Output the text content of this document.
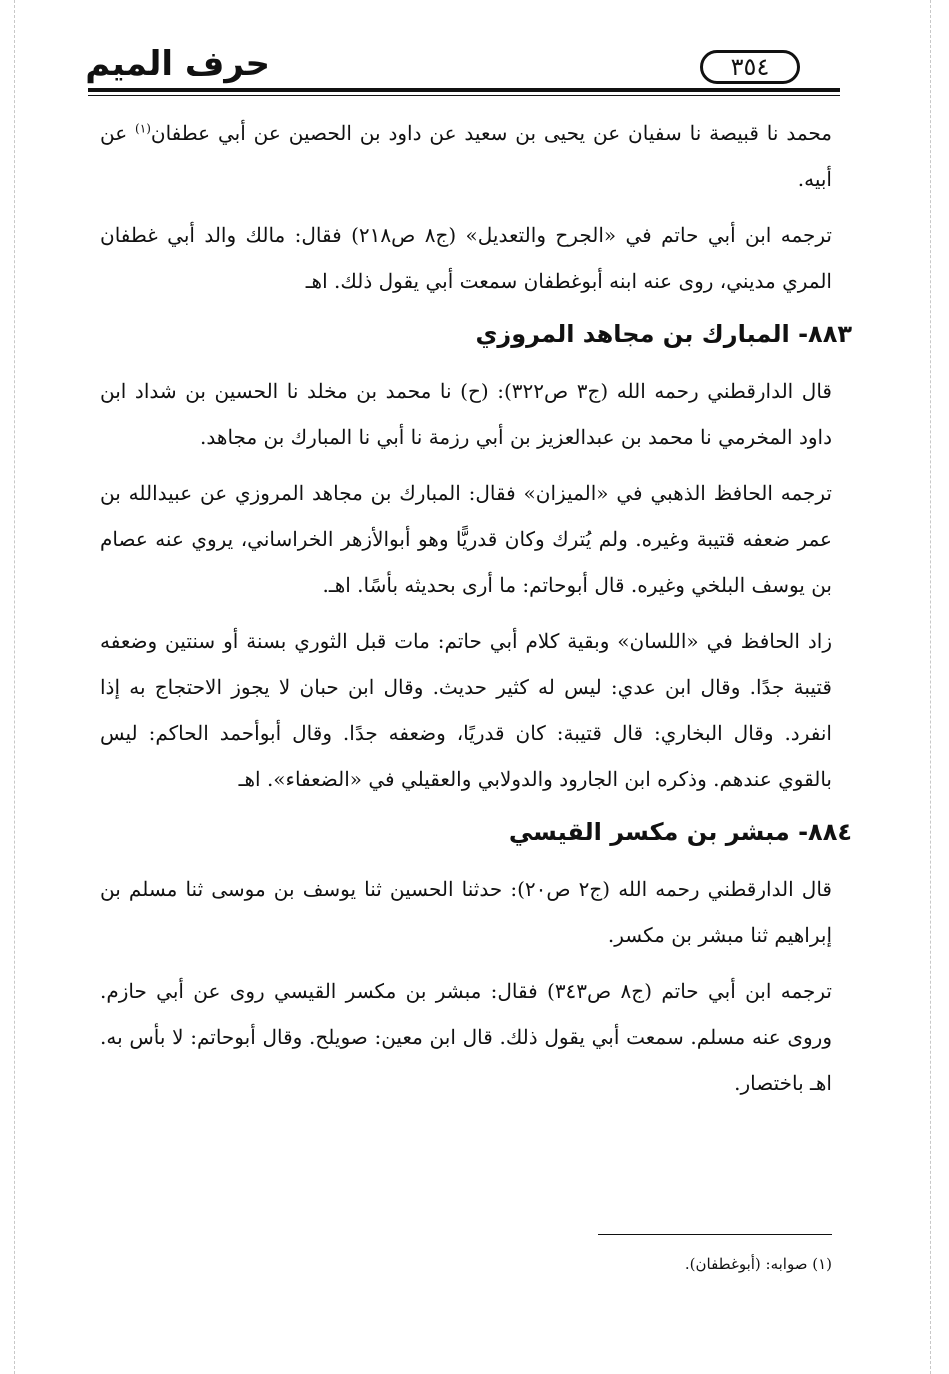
حرف الميم	٣٥٤

محمد نا قبيصة نا سفيان عن يحيى بن سعيد عن داود بن الحصين عن أبي عطفان$^{(١)}$ عن أبيه.

ترجمه ابن أبي حاتم في «الجرح والتعديل» (ج٨ ص٢١٨) فقال: مالك والد أبي غطفان المري مديني، روى عنه ابنه أبوغطفان سمعت أبي يقول ذلك. اهـ

٨٨٣- المبارك بن مجاهد المروزي

قال الدارقطني رحمه الله (ج٣ ص٣٢٢): (ح) نا محمد بن مخلد نا الحسين بن شداد ابن داود المخرمي نا محمد بن عبدالعزيز بن أبي رزمة نا أبي نا المبارك بن مجاهد.

ترجمه الحافظ الذهبي في «الميزان» فقال: المبارك بن مجاهد المروزي عن عبيدالله بن عمر ضعفه قتيبة وغيره. ولم يُترك وكان قدريًّا وهو أبوالأزهر الخراساني، يروي عنه عصام بن يوسف البلخي وغيره. قال أبوحاتم: ما أرى بحديثه بأسًا. اهـ.

زاد الحافظ في «اللسان» وبقية كلام أبي حاتم: مات قبل الثوري بسنة أو سنتين وضعفه قتيبة جدًا. وقال ابن عدي: ليس له كثير حديث. وقال ابن حبان لا يجوز الاحتجاج به إذا انفرد. وقال البخاري: قال قتيبة: كان قدريًا، وضعفه جدًا. وقال أبوأحمد الحاكم: ليس بالقوي عندهم. وذكره ابن الجارود والدولابي والعقيلي في «الضعفاء». اهـ

٨٨٤- مبشر بن مكسر القيسي

قال الدارقطني رحمه الله (ج٢ ص٢٠): حدثنا الحسين ثنا يوسف بن موسى ثنا مسلم بن إبراهيم ثنا مبشر بن مكسر.

ترجمه ابن أبي حاتم (ج٨ ص٣٤٣) فقال: مبشر بن مكسر القيسي روى عن أبي حازم. وروى عنه مسلم. سمعت أبي يقول ذلك. قال ابن معين: صويلح. وقال أبوحاتم: لا بأس به. اهـ باختصار.

(١) صوابه: (أبوغطفان).
